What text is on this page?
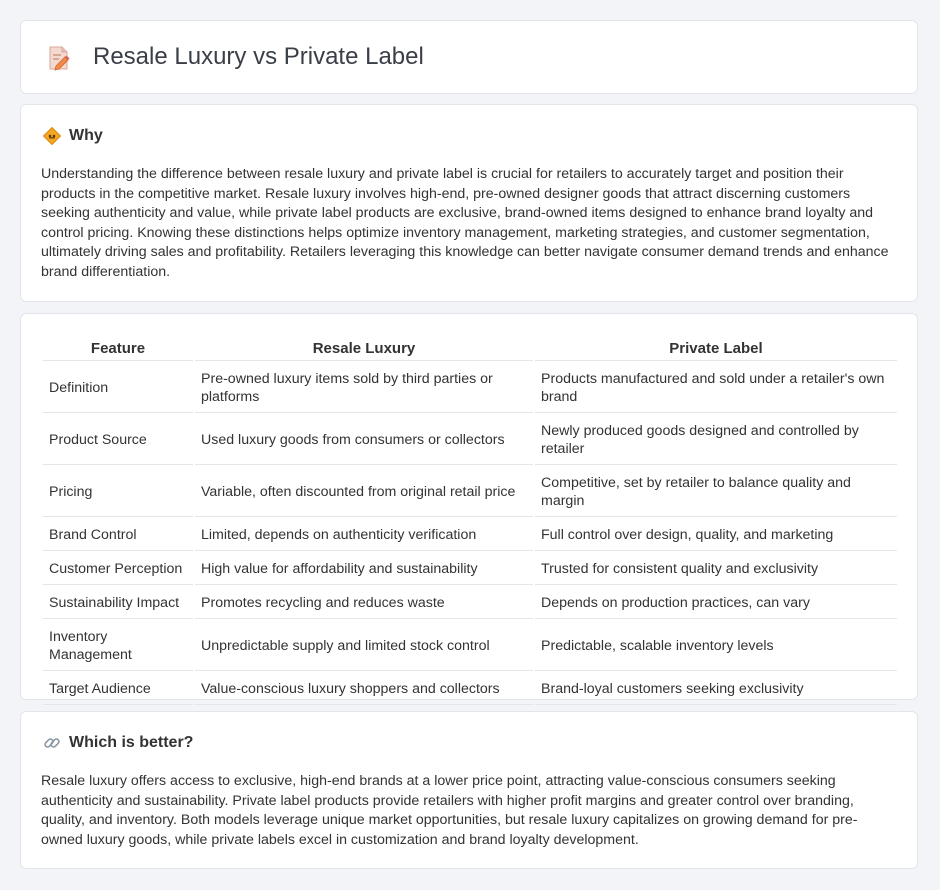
Resale Luxury vs Private Label
Why

Understanding the difference between resale luxury and private label is crucial for retailers to accurately target and position their products in the competitive market. Resale luxury involves high-end, pre-owned designer goods that attract discerning customers seeking authenticity and value, while private label products are exclusive, brand-owned items designed to enhance brand loyalty and control pricing. Knowing these distinctions helps optimize inventory management, marketing strategies, and customer segmentation, ultimately driving sales and profitability. Retailers leveraging this knowledge can better navigate consumer demand trends and enhance brand differentiation.

Feature	Resale Luxury	Private Label
Definition	Pre-owned luxury items sold by third parties or platforms	Products manufactured and sold under a retailer's own brand
Product Source	Used luxury goods from consumers or collectors	Newly produced goods designed and controlled by retailer
Pricing	Variable, often discounted from original retail price	Competitive, set by retailer to balance quality and margin
Brand Control	Limited, depends on authenticity verification	Full control over design, quality, and marketing
Customer Perception	High value for affordability and sustainability	Trusted for consistent quality and exclusivity
Sustainability Impact	Promotes recycling and reduces waste	Depends on production practices, can vary
Inventory Management	Unpredictable supply and limited stock control	Predictable, scalable inventory levels
Target Audience	Value-conscious luxury shoppers and collectors	Brand-loyal customers seeking exclusivity
Which is better?

Resale luxury offers access to exclusive, high-end brands at a lower price point, attracting value-conscious consumers seeking authenticity and sustainability. Private label products provide retailers with higher profit margins and greater control over branding, quality, and inventory. Both models leverage unique market opportunities, but resale luxury capitalizes on growing demand for pre-owned luxury goods, while private labels excel in customization and brand loyalty development.
